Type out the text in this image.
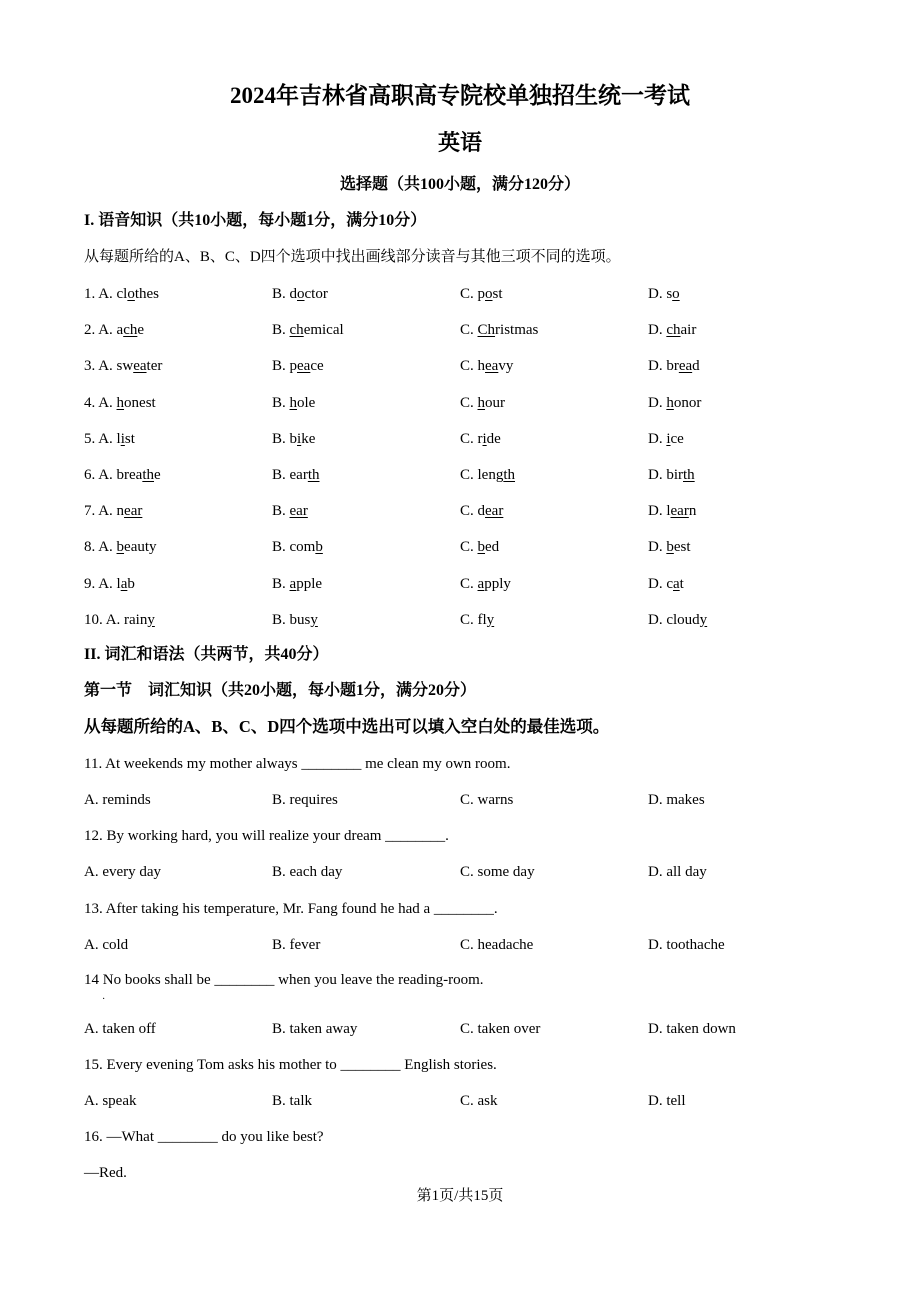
2024年吉林省高职高专院校单独招生统一考试
英语
选择题（共100小题，满分120分）
I. 语音知识（共10小题，每小题1分，满分10分）
从每题所给的A、B、C、D四个选项中找出画线部分读音与其他三项不同的选项。
1. A. clothes	B. doctor	C. post	D. so
2. A. ache	B. chemical	C. Christmas	D. chair
3. A. sweater	B. peace	C. heavy	D. bread
4. A. honest	B. hole	C. hour	D. honor
5. A. list	B. bike	C. ride	D. ice
6. A. breathe	B. earth	C. length	D. birth
7. A. near	B. ear	C. dear	D. learn
8. A. beauty	B. comb	C. bed	D. best
9. A. lab	B. apple	C. apply	D. cat
10. A. rainy	B. busy	C. fly	D. cloudy
II. 词汇和语法（共两节，共40分）
第一节　词汇知识（共20小题，每小题1分，满分20分）
从每题所给的A、B、C、D四个选项中选出可以填入空白处的最佳选项。
11. At weekends my mother always ________ me clean my own room.
A. reminds	B. requires	C. warns	D. makes
12. By working hard, you will realize your dream ________.
A. every day	B. each day	C. some day	D. all day
13. After taking his temperature, Mr. Fang found he had a ________.
A. cold	B. fever	C. headache	D. toothache
14 No books shall be ________ when you leave the reading-room.
A. taken off	B. taken away	C. taken over	D. taken down
15. Every evening Tom asks his mother to ________ English stories.
A. speak	B. talk	C. ask	D. tell
16. —What ________ do you like best?
—Red.
·
第1页/共15页
